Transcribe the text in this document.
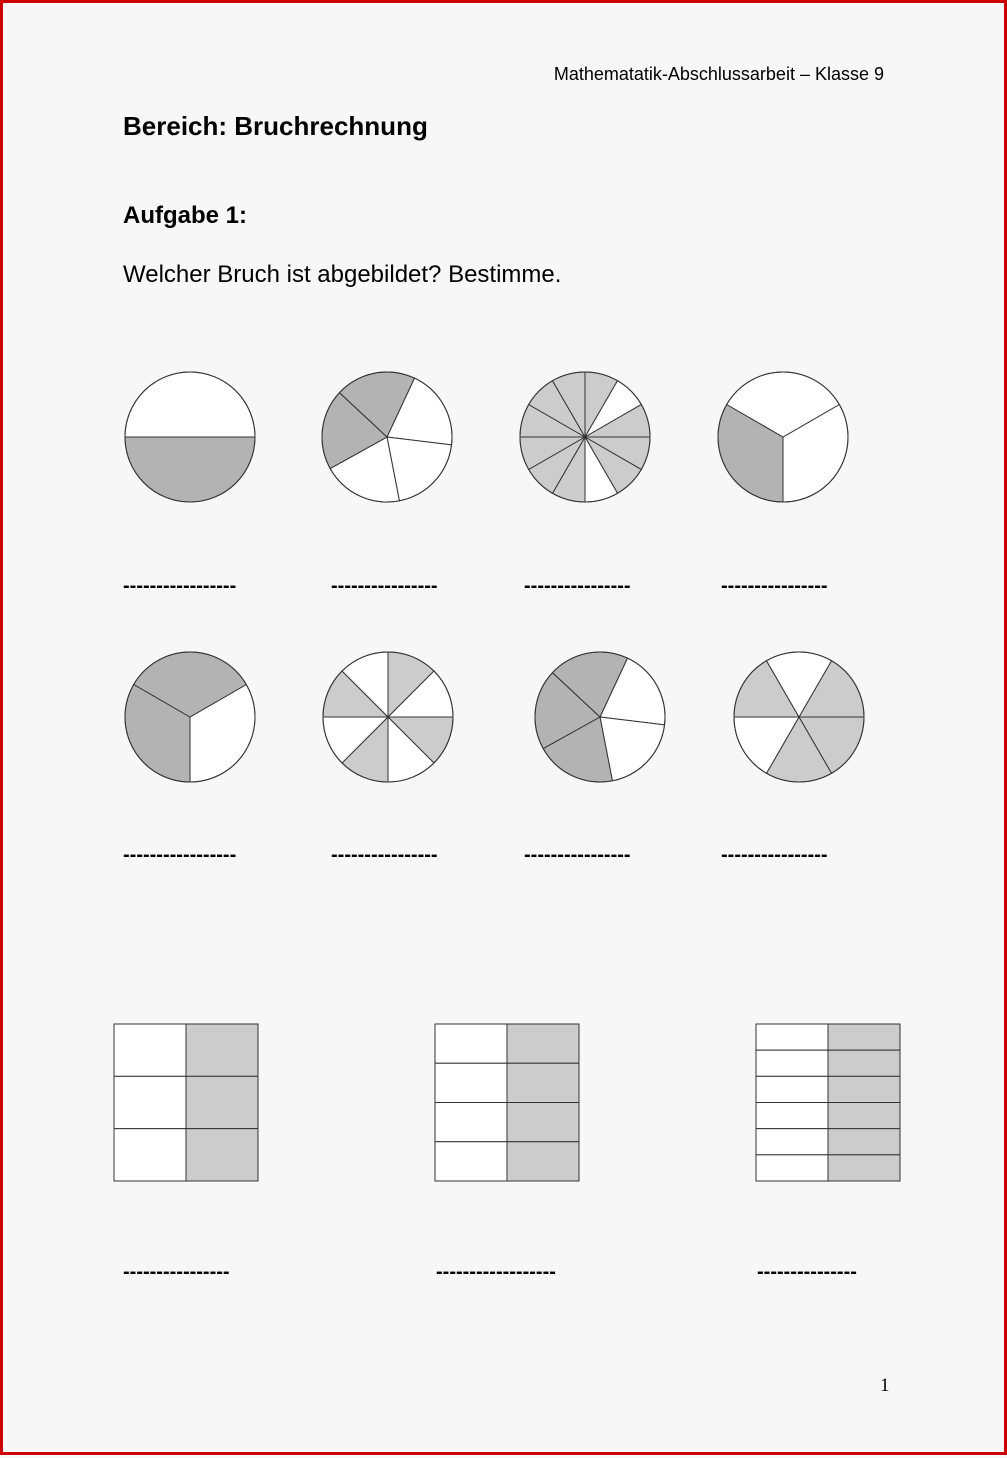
Mathematatik-Abschlussarbeit – Klasse 9
Bereich: Bruchrechnung
Aufgabe 1:
Welcher Bruch ist abgebildet? Bestimme.
-----------------	----------------	----------------	----------------
-----------------	----------------	----------------	----------------
----------------	------------------	---------------
1
